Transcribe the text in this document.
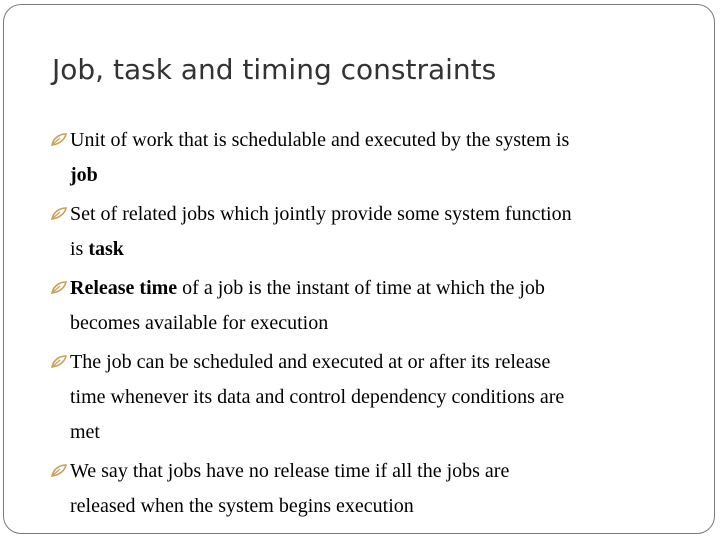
Job, task and timing constraints
Unit of work that is schedulable and executed by the system is
job
Set of related jobs which jointly provide some system function
is task
Release time of a job is the instant of time at which the job
becomes available for execution
The job can be scheduled and executed at or after its release
time whenever its data and control dependency conditions are
met
We say that jobs have no release time if all the jobs are
released when the system begins execution
